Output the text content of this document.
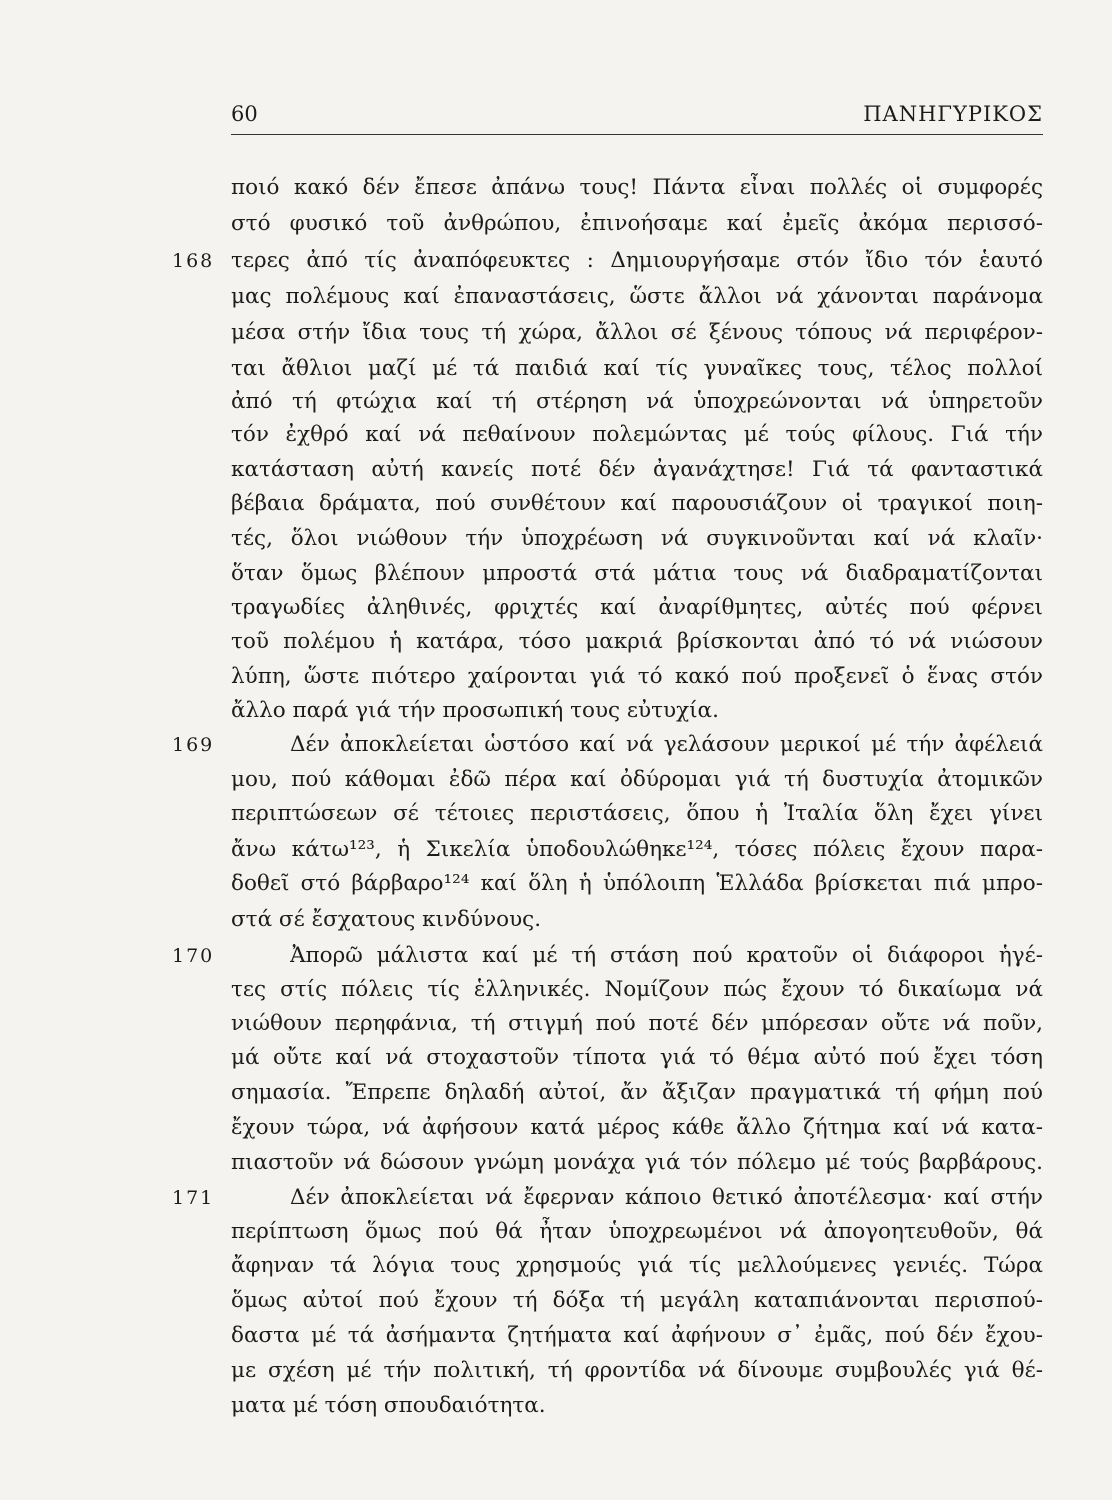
60	ΠΑΝΗΓΥΡΙΚΟΣ
168
169
170
171
ποιό κακό δέν ἔπεσε ἀπάνω τους! Πάντα εἶναι πολλές οἱ συμφορές
στό φυσικό τοῦ ἀνθρώπου, ἐπινοήσαμε καί ἐμεῖς ἀκόμα περισσό-
τερες ἀπό τίς ἀναπόφευκτες : Δημιουργήσαμε στόν ἴδιο τόν ἑαυτό
μας πολέμους καί ἐπαναστάσεις, ὥστε ἄλλοι νά χάνονται παράνομα
μέσα στήν ἴδια τους τή χώρα, ἄλλοι σέ ξένους τόπους νά περιφέρον-
ται ἄθλιοι μαζί μέ τά παιδιά καί τίς γυναῖκες τους, τέλος πολλοί
ἀπό τή φτώχια καί τή στέρηση νά ὑποχρεώνονται νά ὑπηρετοῦν
τόν ἐχθρό καί νά πεθαίνουν πολεμώντας μέ τούς φίλους. Γιά τήν
κατάσταση αὐτή κανείς ποτέ δέν ἀγανάχτησε! Γιά τά φανταστικά
βέβαια δράματα, πού συνθέτουν καί παρουσιάζουν οἱ τραγικοί ποιη-
τές, ὅλοι νιώθουν τήν ὑποχρέωση νά συγκινοῦνται καί νά κλαῖν·
ὅταν ὅμως βλέπουν μπροστά στά μάτια τους νά διαδραματίζονται
τραγωδίες ἀληθινές, φριχτές καί ἀναρίθμητες, αὐτές πού φέρνει
τοῦ πολέμου ἡ κατάρα, τόσο μακριά βρίσκονται ἀπό τό νά νιώσουν
λύπη, ὥστε πιότερο χαίρονται γιά τό κακό πού προξενεῖ ὁ ἕνας στόν
ἄλλο παρά γιά τήν προσωπική τους εὐτυχία.
Δέν ἀποκλείεται ὡστόσο καί νά γελάσουν μερικοί μέ τήν ἀφέλειά
μου, πού κάθομαι ἐδῶ πέρα καί ὀδύρομαι γιά τή δυστυχία ἀτομικῶν
περιπτώσεων σέ τέτοιες περιστάσεις, ὅπου ἡ Ἰταλία ὅλη ἔχει γίνει
ἄνω κάτω¹²³, ἡ Σικελία ὑποδουλώθηκε¹²⁴, τόσες πόλεις ἔχουν παρα-
δοθεῖ στό βάρβαρο¹²⁴ καί ὅλη ἡ ὑπόλοιπη Ἑλλάδα βρίσκεται πιά μπρο-
στά σέ ἔσχατους κινδύνους.
Ἀπορῶ μάλιστα καί μέ τή στάση πού κρατοῦν οἱ διάφοροι ἡγέ-
τες στίς πόλεις τίς ἑλληνικές. Νομίζουν πώς ἔχουν τό δικαίωμα νά
νιώθουν περηφάνια, τή στιγμή πού ποτέ δέν μπόρεσαν οὔτε νά ποῦν,
μά οὔτε καί νά στοχαστοῦν τίποτα γιά τό θέμα αὐτό πού ἔχει τόση
σημασία. Ἔπρεπε δηλαδή αὐτοί, ἄν ἄξιζαν πραγματικά τή φήμη πού
ἔχουν τώρα, νά ἀφήσουν κατά μέρος κάθε ἄλλο ζήτημα καί νά κατα-
πιαστοῦν νά δώσουν γνώμη μονάχα γιά τόν πόλεμο μέ τούς βαρβάρους.
Δέν ἀποκλείεται νά ἔφερναν κάποιο θετικό ἀποτέλεσμα· καί στήν
περίπτωση ὅμως πού θά ἦταν ὑποχρεωμένοι νά ἀπογοητευθοῦν, θά
ἄφηναν τά λόγια τους χρησμούς γιά τίς μελλούμενες γενιές. Τώρα
ὅμως αὐτοί πού ἔχουν τή δόξα τή μεγάλη καταπιάνονται περισπού-
δαστα μέ τά ἀσήμαντα ζητήματα καί ἀφήνουν σ᾿ ἐμᾶς, πού δέν ἔχου-
με σχέση μέ τήν πολιτική, τή φροντίδα νά δίνουμε συμβουλές γιά θέ-
ματα μέ τόση σπουδαιότητα.
